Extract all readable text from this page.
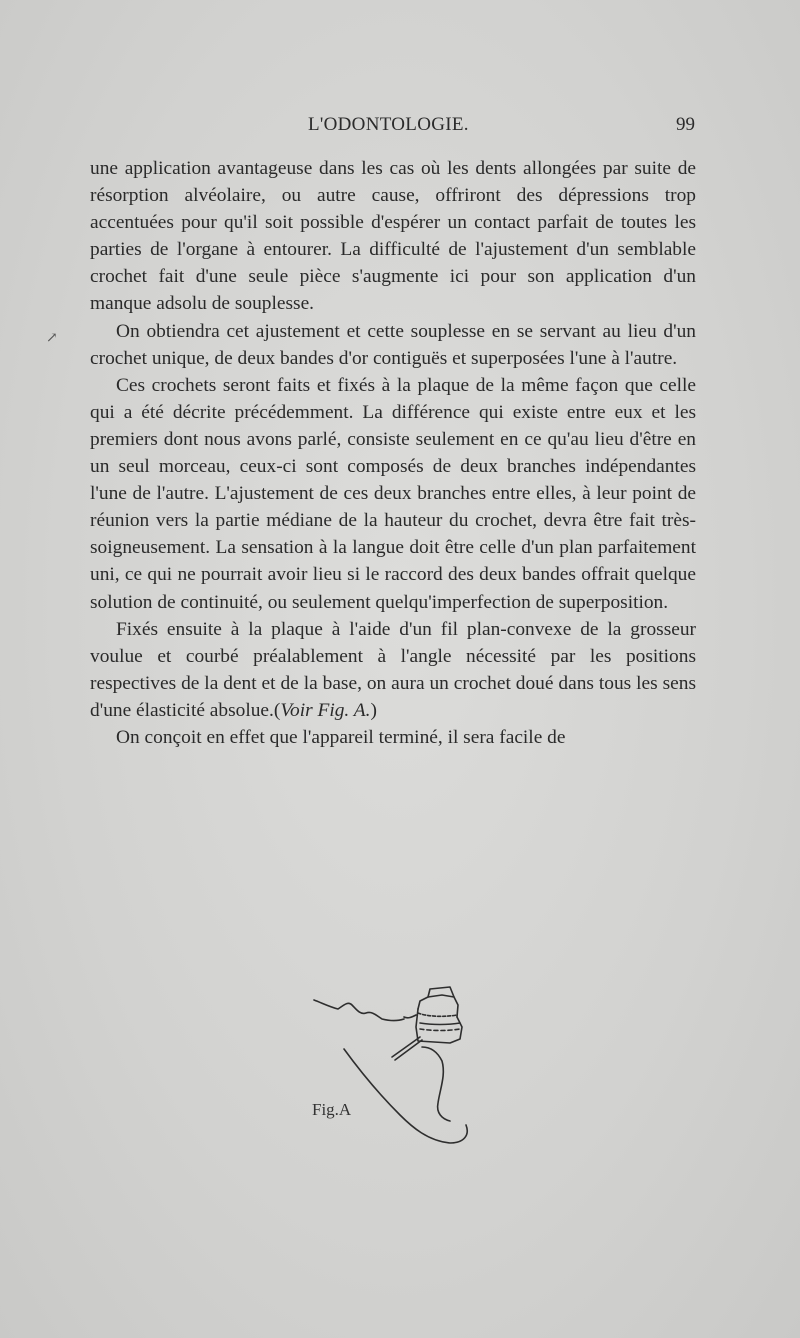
L'ODONTOLOGIE.	99
↗

une application avantageuse dans les cas où les dents allongées par suite de résorption alvéolaire, ou autre cause, offriront des dépressions trop accentuées pour qu'il soit possible d'espérer un contact parfait de toutes les parties de l'organe à entourer. La difficulté de l'ajustement d'un semblable crochet fait d'une seule pièce s'augmente ici pour son application d'un manque adsolu de souplesse.

On obtiendra cet ajustement et cette souplesse en se servant au lieu d'un crochet unique, de deux bandes d'or contiguës et superposées l'une à l'autre.

Ces crochets seront faits et fixés à la plaque de la même façon que celle qui a été décrite précédemment. La différence qui existe entre eux et les premiers dont nous avons parlé, consiste seulement en ce qu'au lieu d'être en un seul morceau, ceux-ci sont composés de deux branches indépendantes l'une de l'autre. L'ajustement de ces deux branches entre elles, à leur point de réunion vers la partie médiane de la hauteur du crochet, devra être fait très-soigneusement. La sensation à la langue doit être celle d'un plan parfaitement uni, ce qui ne pourrait avoir lieu si le raccord des deux bandes offrait quelque solution de continuité, ou seulement quelqu'imperfection de superposition.

Fixés ensuite à la plaque à l'aide d'un fil plan-convexe de la grosseur voulue et courbé préalablement à l'angle nécessité par les positions respectives de la dent et de la base, on aura un crochet doué dans tous les sens d'une élasticité absolue.(Voir Fig. A.)

On conçoit en effet que l'appareil terminé, il sera facile de

Fig.A
